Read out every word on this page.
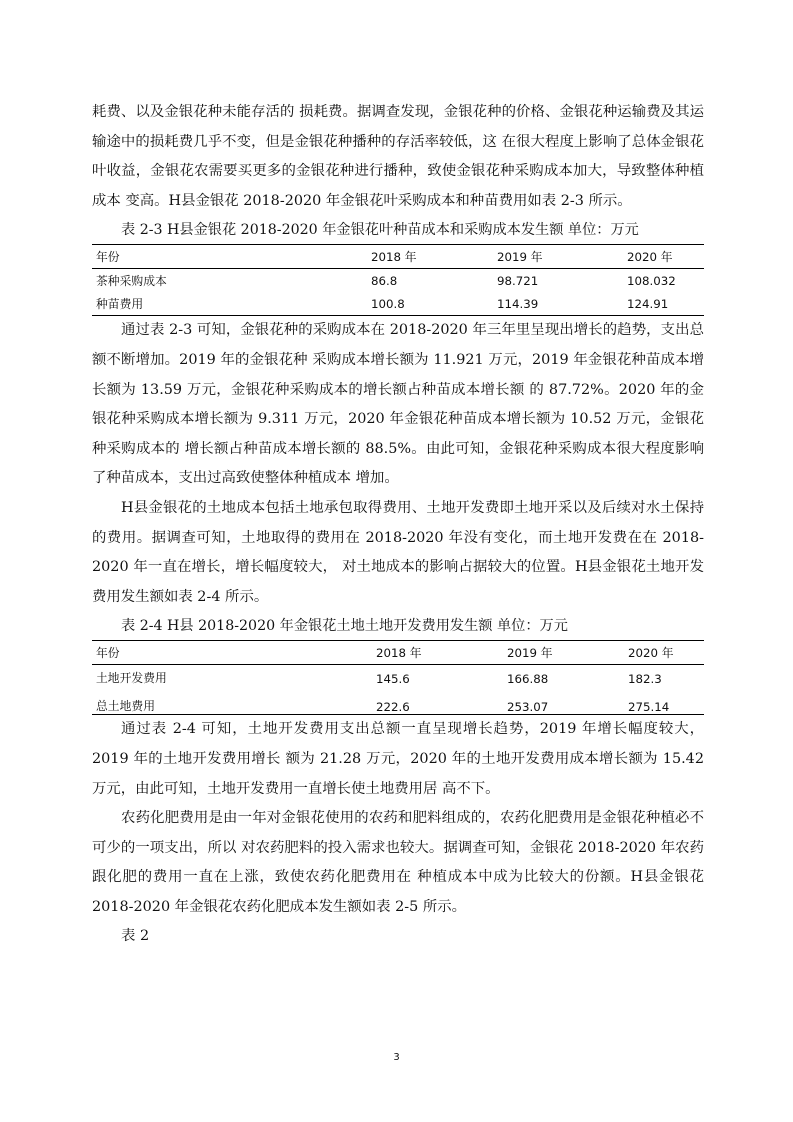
耗费、以及金银花种未能存活的 损耗费。据调查发现，金银花种的价格、金银花种运输费及其运输途中的损耗费几乎不变，但是金银花种播种的存活率较低，这 在很大程度上影响了总体金银花叶收益，金银花农需要买更多的金银花种进行播种，致使金银花种采购成本加大，导致整体种植成本 变高。H县金银花 2018-2020 年金银花叶采购成本和种苗费用如表 2-3 所示。

表 2-3 H县金银花 2018-2020 年金银花叶种苗成本和采购成本发生额 单位：万元

年份	2018 年	2019 年	2020 年
茶种采购成本	86.8	98.721	108.032
种苗费用	100.8	114.39	124.91

通过表 2-3 可知，金银花种的采购成本在 2018-2020 年三年里呈现出增长的趋势，支出总额不断增加。2019 年的金银花种 采购成本增长额为 11.921 万元，2019 年金银花种苗成本增长额为 13.59 万元，金银花种采购成本的增长额占种苗成本增长额 的 87.72%。2020 年的金银花种采购成本增长额为 9.311 万元，2020 年金银花种苗成本增长额为 10.52 万元，金银花种采购成本的 增长额占种苗成本增长额的 88.5%。由此可知，金银花种采购成本很大程度影响了种苗成本，支出过高致使整体种植成本 增加。

H县金银花的土地成本包括土地承包取得费用、土地开发费即土地开采以及后续对水土保持的费用。据调查可知，土地取得的费用在 2018-2020 年没有变化，而土地开发费在在 2018-2020 年一直在增长，增长幅度较大， 对土地成本的影响占据较大的位置。H县金银花土地开发费用发生额如表 2-4 所示。

表 2-4 H县 2018-2020 年金银花土地土地开发费用发生额 单位：万元

年份	2018 年	2019 年	2020 年
土地开发费用	145.6	166.88	182.3
总土地费用	222.6	253.07	275.14

通过表 2-4 可知，土地开发费用支出总额一直呈现增长趋势，2019 年增长幅度较大，2019 年的土地开发费用增长 额为 21.28 万元，2020 年的土地开发费用成本增长额为 15.42 万元，由此可知，土地开发费用一直增长使土地费用居 高不下。

农药化肥费用是由一年对金银花使用的农药和肥料组成的，农药化肥费用是金银花种植必不可少的一项支出，所以 对农药肥料的投入需求也较大。据调查可知，金银花 2018-2020 年农药跟化肥的费用一直在上涨，致使农药化肥费用在 种植成本中成为比较大的份额。H县金银花 2018-2020 年金银花农药化肥成本发生额如表 2-5 所示。

表 2

3
